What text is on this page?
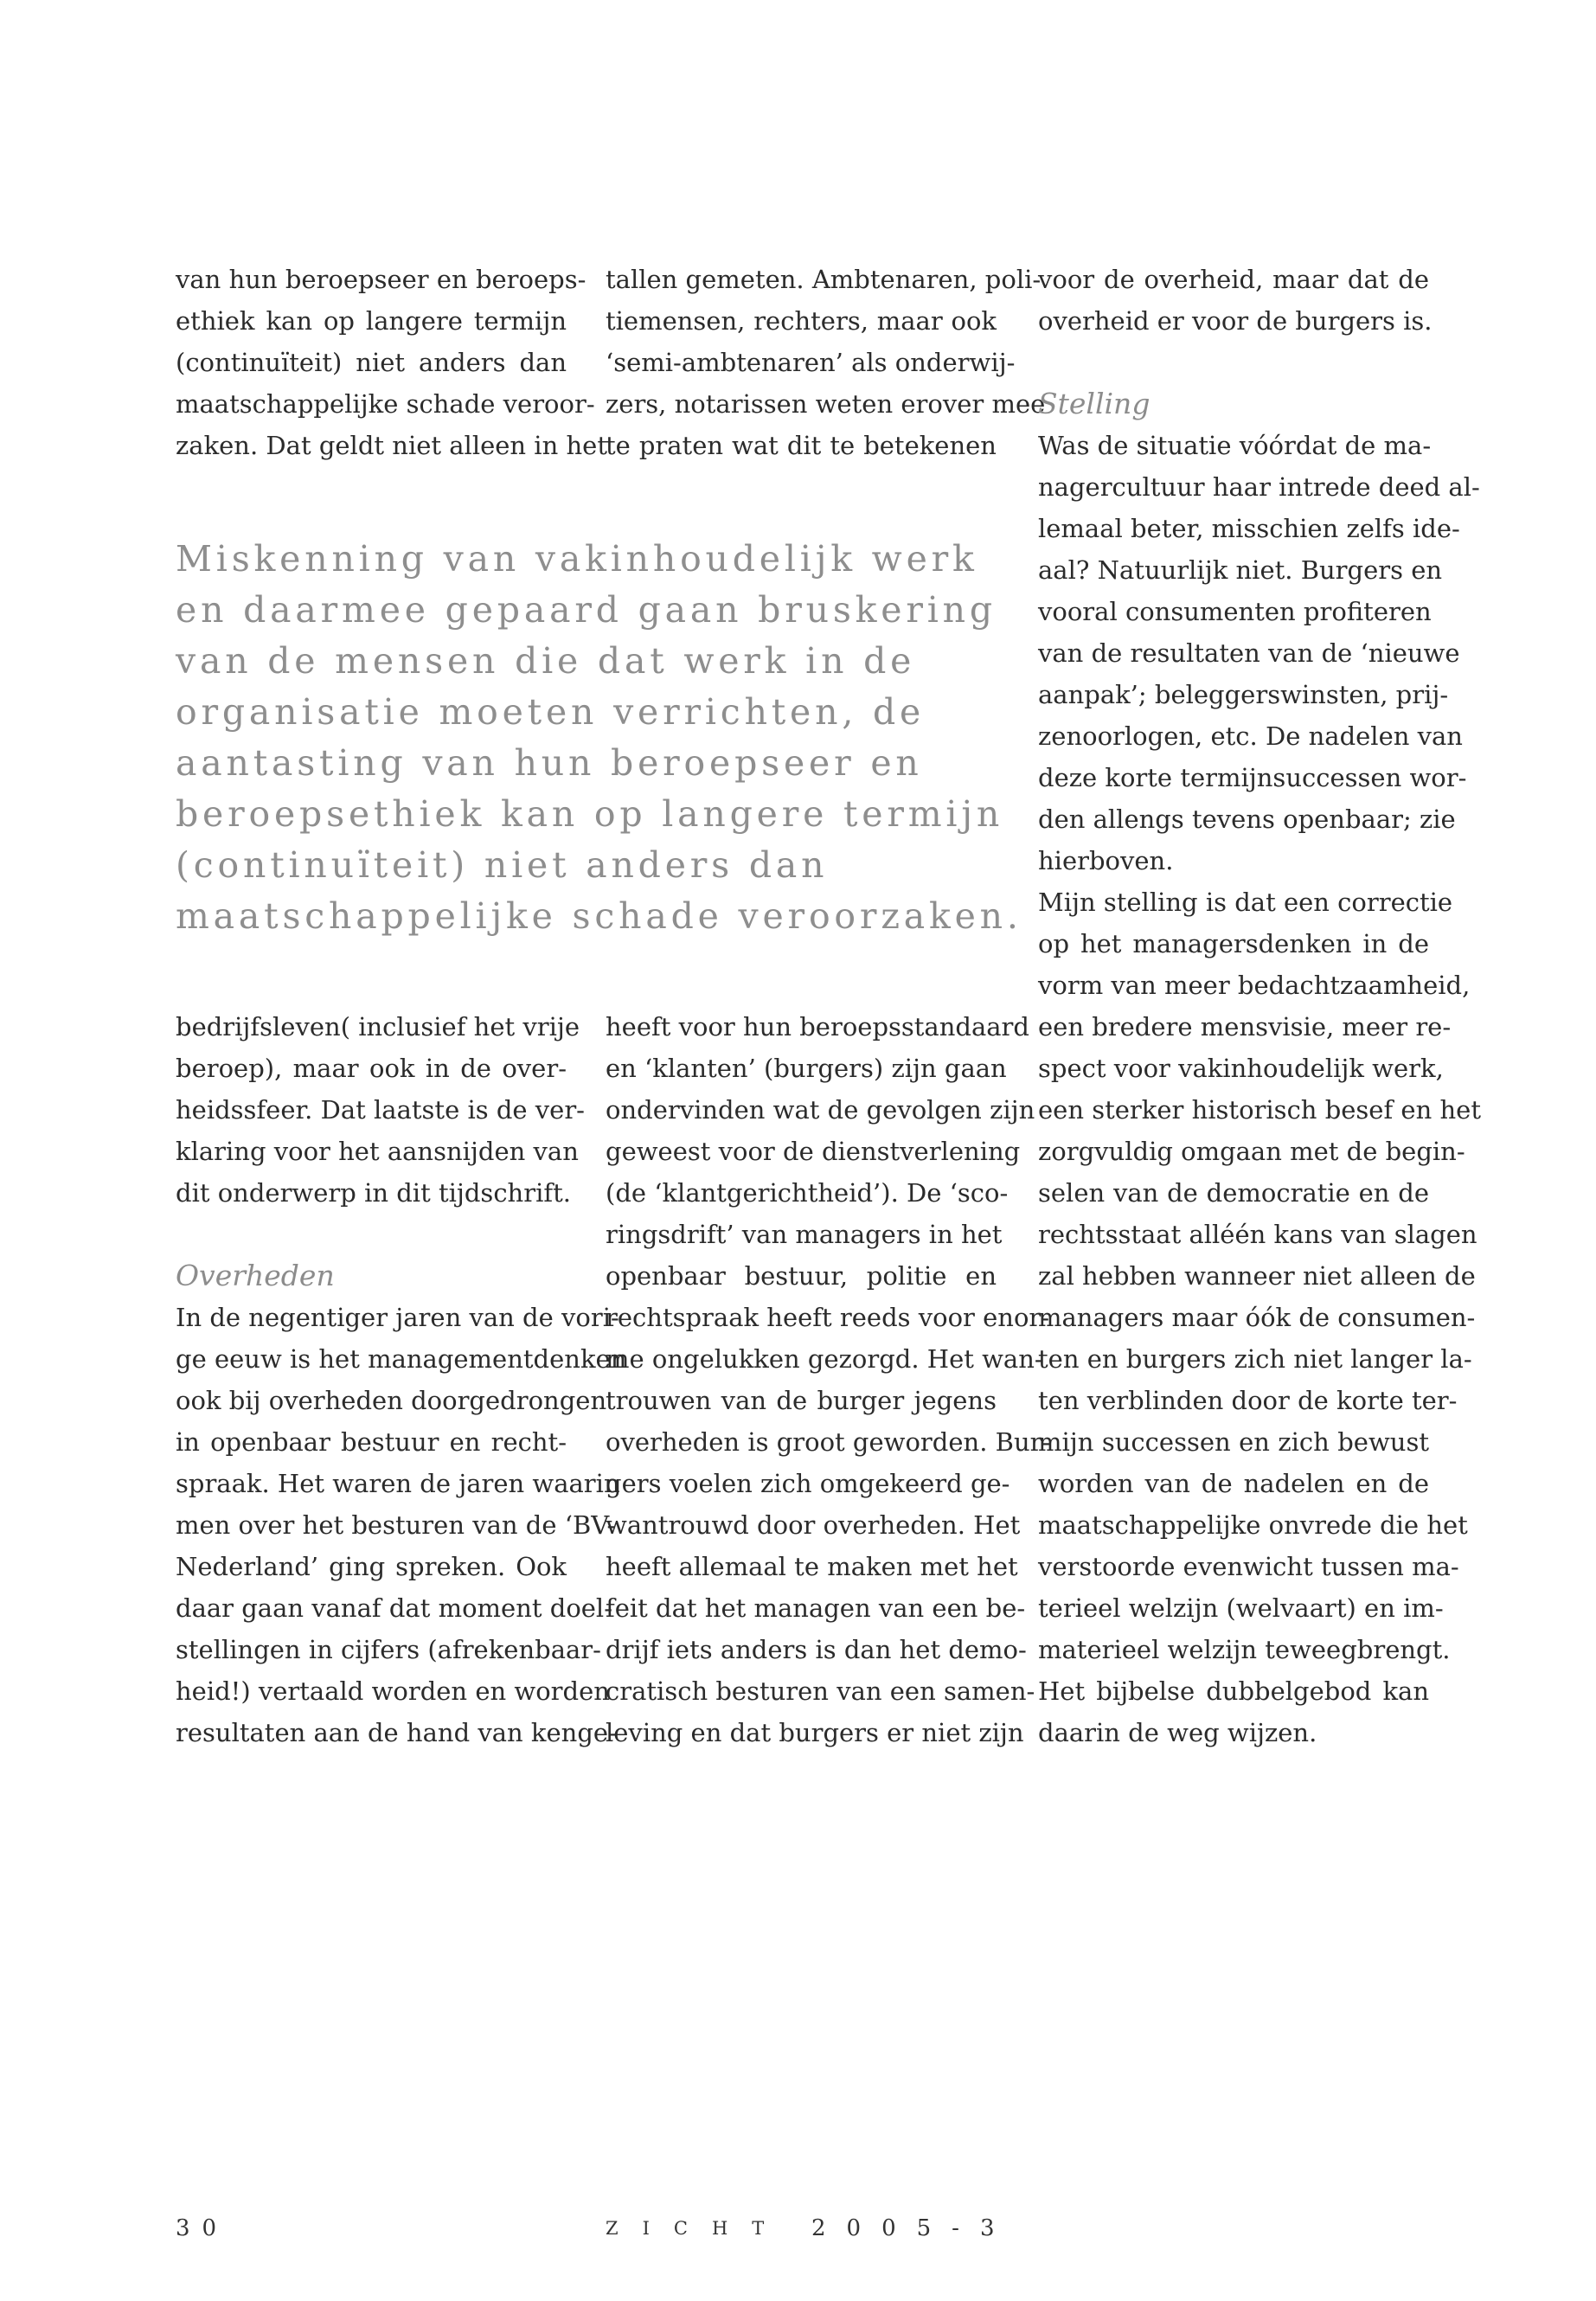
van hun beroepseer en beroeps-

ethiek kan op langere termijn

(continuïteit) niet anders dan

maatschappelijke schade veroor-

zaken. Dat geldt niet alleen in het

tallen gemeten. Ambtenaren, poli-

tiemensen, rechters, maar ook

‘semi-ambtenaren’ als onderwij-

zers, notarissen weten erover mee

te praten wat dit te betekenen

Miskenning van vakinhoudelijk werk

en daarmee gepaard gaan bruskering

van de mensen die dat werk in de

organisatie moeten verrichten, de

aantasting van hun beroepseer en

beroepsethiek kan op langere termijn

(continuïteit) niet anders dan

maatschappelijke schade veroorzaken.

bedrijfsleven( inclusief het vrije

beroep), maar ook in de over-

heidssfeer. Dat laatste is de ver-

klaring voor het aansnijden van

dit onderwerp in dit tijdschrift.

Overheden

In de negentiger jaren van de vori-

ge eeuw is het managementdenken

ook bij overheden doorgedrongen

in openbaar bestuur en recht-

spraak. Het waren de jaren waarin

men over het besturen van de ‘BV-

Nederland’ ging spreken. Ook

daar gaan vanaf dat moment doel-

stellingen in cijfers (afrekenbaar-

heid!) vertaald worden en worden

resultaten aan de hand van kenge-

heeft voor hun beroepsstandaard

en ‘klanten’ (burgers) zijn gaan

ondervinden wat de gevolgen zijn

geweest voor de dienstverlening

(de ‘klantgerichtheid’). De ‘sco-

ringsdrift’ van managers in het

openbaar bestuur, politie en

rechtspraak heeft reeds voor enor-

me ongelukken gezorgd. Het wan-

trouwen van de burger jegens

overheden is groot geworden. Bur-

gers voelen zich omgekeerd ge-

wantrouwd door overheden. Het

heeft allemaal te maken met het

feit dat het managen van een be-

drijf iets anders is dan het demo-

cratisch besturen van een samen-

leving en dat burgers er niet zijn

voor de overheid, maar dat de

overheid er voor de burgers is.

Stelling

Was de situatie vóórdat de ma-

nagercultuur haar intrede deed al-

lemaal beter, misschien zelfs ide-

aal? Natuurlijk niet. Burgers en

vooral consumenten profiteren

van de resultaten van de ‘nieuwe

aanpak’; beleggerswinsten, prij-

zenoorlogen, etc. De nadelen van

deze korte termijnsuccessen wor-

den allengs tevens openbaar; zie

hierboven.

Mijn stelling is dat een correctie

op het managersdenken in de

vorm van meer bedachtzaamheid,

een bredere mensvisie, meer re-

spect voor vakinhoudelijk werk,

een sterker historisch besef en het

zorgvuldig omgaan met de begin-

selen van de democratie en de

rechtsstaat alléén kans van slagen

zal hebben wanneer niet alleen de

managers maar óók de consumen-

ten en burgers zich niet langer la-

ten verblinden door de korte ter-

mijn successen en zich bewust

worden van de nadelen en de

maatschappelijke onvrede die het

verstoorde evenwicht tussen ma-

terieel welzijn (welvaart) en im-

materieel welzijn teweegbrengt.

Het bijbelse dubbelgebod kan

daarin de weg wijzen.

30	ZICHT 2005-3
